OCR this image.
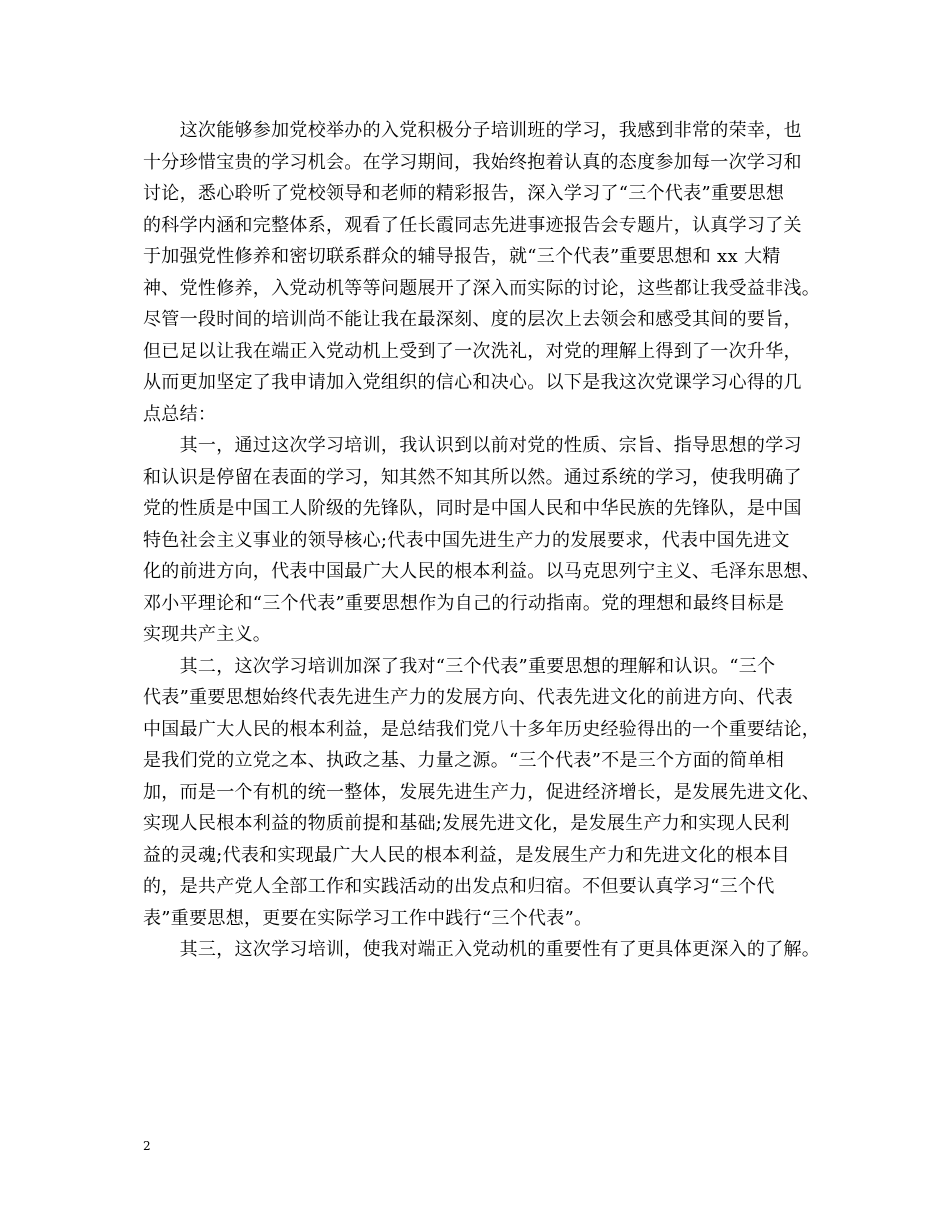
　　这次能够参加党校举办的入党积极分子培训班的学习，我感到非常的荣幸，也
十分珍惜宝贵的学习机会。在学习期间，我始终抱着认真的态度参加每一次学习和
讨论，悉心聆听了党校领导和老师的精彩报告，深入学习了“三个代表”重要思想
的科学内涵和完整体系，观看了任长霞同志先进事迹报告会专题片，认真学习了关
于加强党性修养和密切联系群众的辅导报告，就“三个代表”重要思想和 xx 大精
神、党性修养，入党动机等等问题展开了深入而实际的讨论，这些都让我受益非浅。
尽管一段时间的培训尚不能让我在最深刻、度的层次上去领会和感受其间的要旨，
但已足以让我在端正入党动机上受到了一次洗礼，对党的理解上得到了一次升华，
从而更加坚定了我申请加入党组织的信心和决心。以下是我这次党课学习心得的几
点总结：
　　其一，通过这次学习培训，我认识到以前对党的性质、宗旨、指导思想的学习
和认识是停留在表面的学习，知其然不知其所以然。通过系统的学习，使我明确了
党的性质是中国工人阶级的先锋队，同时是中国人民和中华民族的先锋队，是中国
特色社会主义事业的领导核心;代表中国先进生产力的发展要求，代表中国先进文
化的前进方向，代表中国最广大人民的根本利益。以马克思列宁主义、毛泽东思想、
邓小平理论和“三个代表”重要思想作为自己的行动指南。党的理想和最终目标是
实现共产主义。
　　其二，这次学习培训加深了我对“三个代表”重要思想的理解和认识。“三个
代表”重要思想始终代表先进生产力的发展方向、代表先进文化的前进方向、代表
中国最广大人民的根本利益，是总结我们党八十多年历史经验得出的一个重要结论，
是我们党的立党之本、执政之基、力量之源。“三个代表”不是三个方面的简单相
加，而是一个有机的统一整体，发展先进生产力，促进经济增长，是发展先进文化、
实现人民根本利益的物质前提和基础;发展先进文化，是发展生产力和实现人民利
益的灵魂;代表和实现最广大人民的根本利益，是发展生产力和先进文化的根本目
的，是共产党人全部工作和实践活动的出发点和归宿。不但要认真学习“三个代
表”重要思想，更要在实际学习工作中践行“三个代表”。
　　其三，这次学习培训，使我对端正入党动机的重要性有了更具体更深入的了解。
2
